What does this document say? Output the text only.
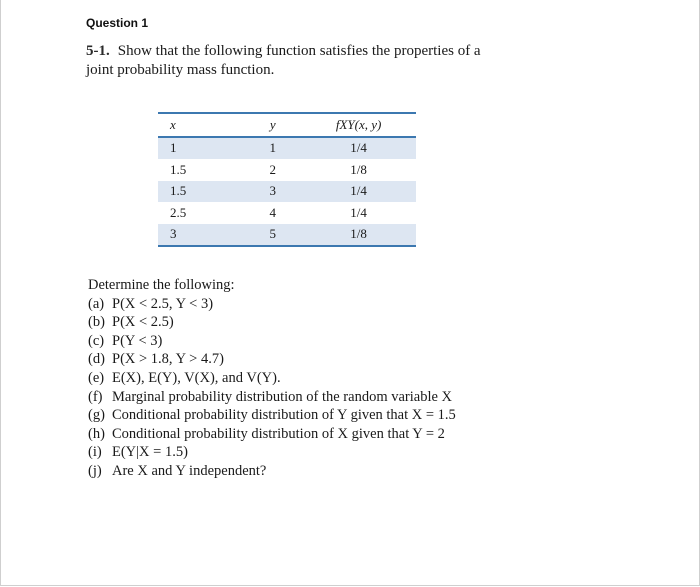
Question 1
5-1. Show that the following function satisfies the properties of a joint probability mass function.
x	y	fXY(x, y)
1	1	1/4
1.5	2	1/8
1.5	3	1/4
2.5	4	1/4
3	5	1/8
Determine the following:
(a) P(X < 2.5, Y < 3)
(b) P(X < 2.5)
(c) P(Y < 3)
(d) P(X > 1.8, Y > 4.7)
(e) E(X), E(Y), V(X), and V(Y).
(f) Marginal probability distribution of the random variable X
(g) Conditional probability distribution of Y given that X = 1.5
(h) Conditional probability distribution of X given that Y = 2
(i) E(Y|X = 1.5)
(j) Are X and Y independent?
